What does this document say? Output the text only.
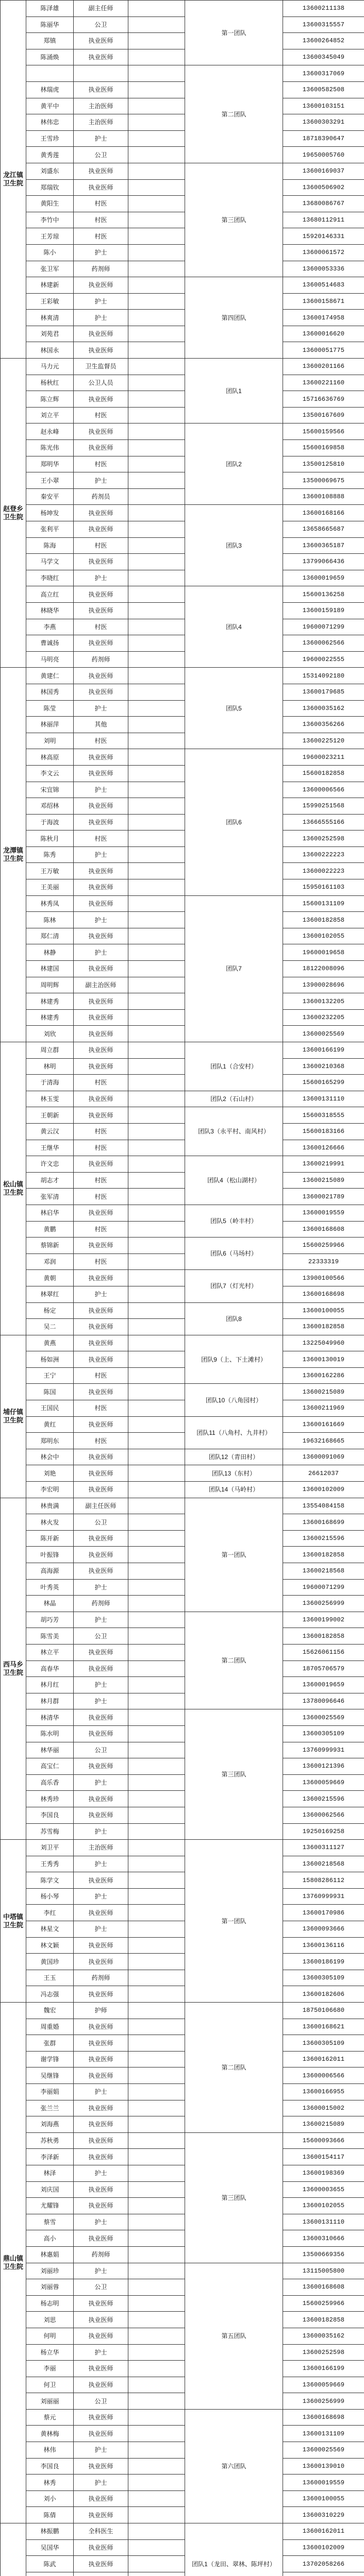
龙江镇卫生院	陈泽雄	副主任师		第一团队	13600211138
	陈丽华	公卫			13600315557
	郑镇	执业医师			13600264852
	陈涌焕	执业医师			13600345049
				第二团队	13600317069
	林瑞虎	执业医师			13600582508
	黄平中	主治医师			13600103151
	林伟忠	主治医师			13600303291
	王雪珍	护士			18718390647
	黄秀莲	公卫			19650005760
	刘盛东	执业医师		第三团队	13600169037
	郑瑞钦	执业医师			13600506902
	黄阳生	村医			13680086767
	李竹中	村医			13680112911
	王芳琼	村医			15920146331
	陈小	护士			13600061572
	张卫军	药剂师			13600053336
	林建新	执业医师		第四团队	13600514683
	王彩敏	护士			13600158671
	林爽清	护士			13600174958
	刘苑君	执业医师			13600016620
	林国永	执业医师			13600051775
赵登乡卫生院	马力元	卫生监督员		团队1	13600201166
	杨秋红	公卫人员			13600221160
	陈立辉	执业医师			15716636769
	刘立平	村医			13500167609
	赵永峰	执业医师		团队2	15600159566
	陈光伟	执业医师			15600169858
	郑明华	村医			13500125810
	王小翠	护士			13500069675
	秦安平	药剂员			13600108888
	杨坤发	执业医师		团队3	13600168166
	张利平	执业医师			13658665687
	陈海	村医			13600365187
	马学文	执业医师			13799066436
	李晓红	护士			13600019659
	高立红	执业医师		团队4	15600136258
	林晓华	执业医师			13600159189
	李燕	村医			19600071299
	曹诚扬	执业医师			13600062566
	马明亮	药剂师			19600022555
龙潭镇卫生院	黄建仁	执业医师		团队5	15314092180
	林国秀	执业医师			13600179685
	陈莹	护士			13600035162
	林丽萍	其他			13600356266
	刘明	村医			13600225120
	林高原	执业医师		团队6	19600023211
	李文云	执业医师			15600182858
	宋宜锦	护士			13600006566
	邓绍林	执业医师			15990251568
	于海波	执业医师			13666555166
	陈秋月	村医			13600252598
	陈秀	护士			13600222223
	王万敏	执业医师			13600022223
	王美丽	执业医师			15950161103
	林秀凤	执业医师		团队7	15600131109
	陈林	护士			13600182858
	郑仁清	执业医师			13600102055
	林静	护士			19600019658
	林建国	执业医师			18122008096
	周明辉	副主治医师			13900028696
	林建秀	执业医师			13600132205
	林建秀	执业医师			13600232205
	刘欣	执业医师			13600025569
松山镇卫生院	周立群	执业医师		团队1（合安村）	13600166199
	林明	执业医师			13600210368
	于清海	村医			15600165299
	林玉雯	执业医师		团队2（石山村）	13600131110
	王朝新	执业医师		团队3（永平村、南风村）	15600318555
	黄云汉	村医			15600183166
	王继华	村医			13600126666
	许文忠	执业医师		团队4（松山湖村）	13600219991
	胡志才	村医			13600215089
	张军清	村医			13600021789
	林启华	执业医师		团队5（岭丰村）	13600019559
	黄鹏	村医			13600168608
	蔡锦新	执业医师		团队6（马场村）	15600259966
	邓润	村医			22333319
	黄朝	执业医师		团队7（灯光村）	13900100566
	林翠红	护士			13600168698
	杨定	执业医师		团队8	13600100055
	吴二	执业医师			13600182858
埔仔镇卫生院	黄燕	执业医师		团队9（上、下土滩村）	13225049960
	杨如洲	执业医师			13600130019
	王宁	村医			13600162286
	陈国	执业医师		团队10（八角园村）	13600215089
	王国民	村医			13600211969
	黄红	执业医师		团队11（八角村、九井村）	13600161669
	郑明东	村医			19632168665
	林会中	执业医师		团队12（青田村）	13600091069
	刘艳	执业医师		团队13（东村）	26612037
	李宏明	执业医师		团队14（马岭村）	13600102009
西马乡卫生院	林贵满	副主任医师		第一团队	13554084158
	林火发	公卫			13600168699
	陈开新	执业医师			13600215596
	叶振锋	执业医师			13600182858
	高海源	执业医师			13600218568
	叶秀英	护士			19600071299
	林晶	药剂师			13600256999
	胡巧芳	护士		第二团队	13600199002
	陈雪美	公卫			13600182858
	林立平	执业医师			15626061156
	高春华	执业医师			18705706579
	林月红	护士			13600019659
	林月群	护士			13780096646
	林清华	执业医师		第三团队	13600025569
	陈水明	执业医师			13600305109
	林华丽	公卫			13760999931
	高宝仁	执业医师			13600121396
	高乐香	护士			13600059669
	林秀珍	执业医师			13600215596
	李国良	执业医师			13600062566
	苏雪梅	护士			19250169258
中塔镇卫生院	刘卫平	主治医师		第一团队	13600311127
	王秀秀	护士			13600218568
	陈学文	执业医师			15808286112
	杨小琴	护士			13760999931
	李红	执业医师			13600170986
	林星文	护士			13600093666
	林文颖	执业医师			13600136116
	黄国珍	执业医师			13600186199
	王玉	药剂师			13600305109
	冯志强	执业医师			13600182606
鼎山镇卫生院	魏宏	护师		第二团队	18750106680
	周重婚	执业医师			13600168621
	张群	执业医师			13600305109
	谢学锋	执业医师			13600162011
	吴继锋	执业医师			13600006566
	李丽娟	护士			13600166955
	张兰兰	执业医师			13600015002
	刘海燕	执业医师			13600215089
	苏秋勇	执业医师		第三团队	15600093666
	李泽新	执业医师			13600154117
	林泽	护士			13600198369
	刘庆国	执业医师			13600003655
	尤耀锋	执业医师			13600102055
	蔡雪	护士			13600131110
	高小	执业医师			13600310666
	林惠娟	药剂师			13500669356
	刘丽珍	护士		第五团队	13115005800
	刘丽蓉	公卫			13600168608
	杨志明	执业医师			15600259966
	刘思	执业医师			13600182858
	何明	执业医师			13600035162
	杨立华	护士			13600252598
	李丽	执业医师			13600166199
	何卫	执业医师			13600059669
	刘丽丽	公卫			13600256999
	蔡元	执业医师		第六团队	13600168698
	黄林梅	执业医师			13600131109
	林伟	护士			13600025569
	李国良	执业医师			13600139010
	林秀	护士			13600019559
	刘小	执业医师			13600100055
	陈倩	执业医师			13600310229
	林振鹏	全科医生		团队1（龙田、翠林、陈坪村）	13600162011
	吴国华	执业医师			13600102009
	陈武	执业医师			13702058266
